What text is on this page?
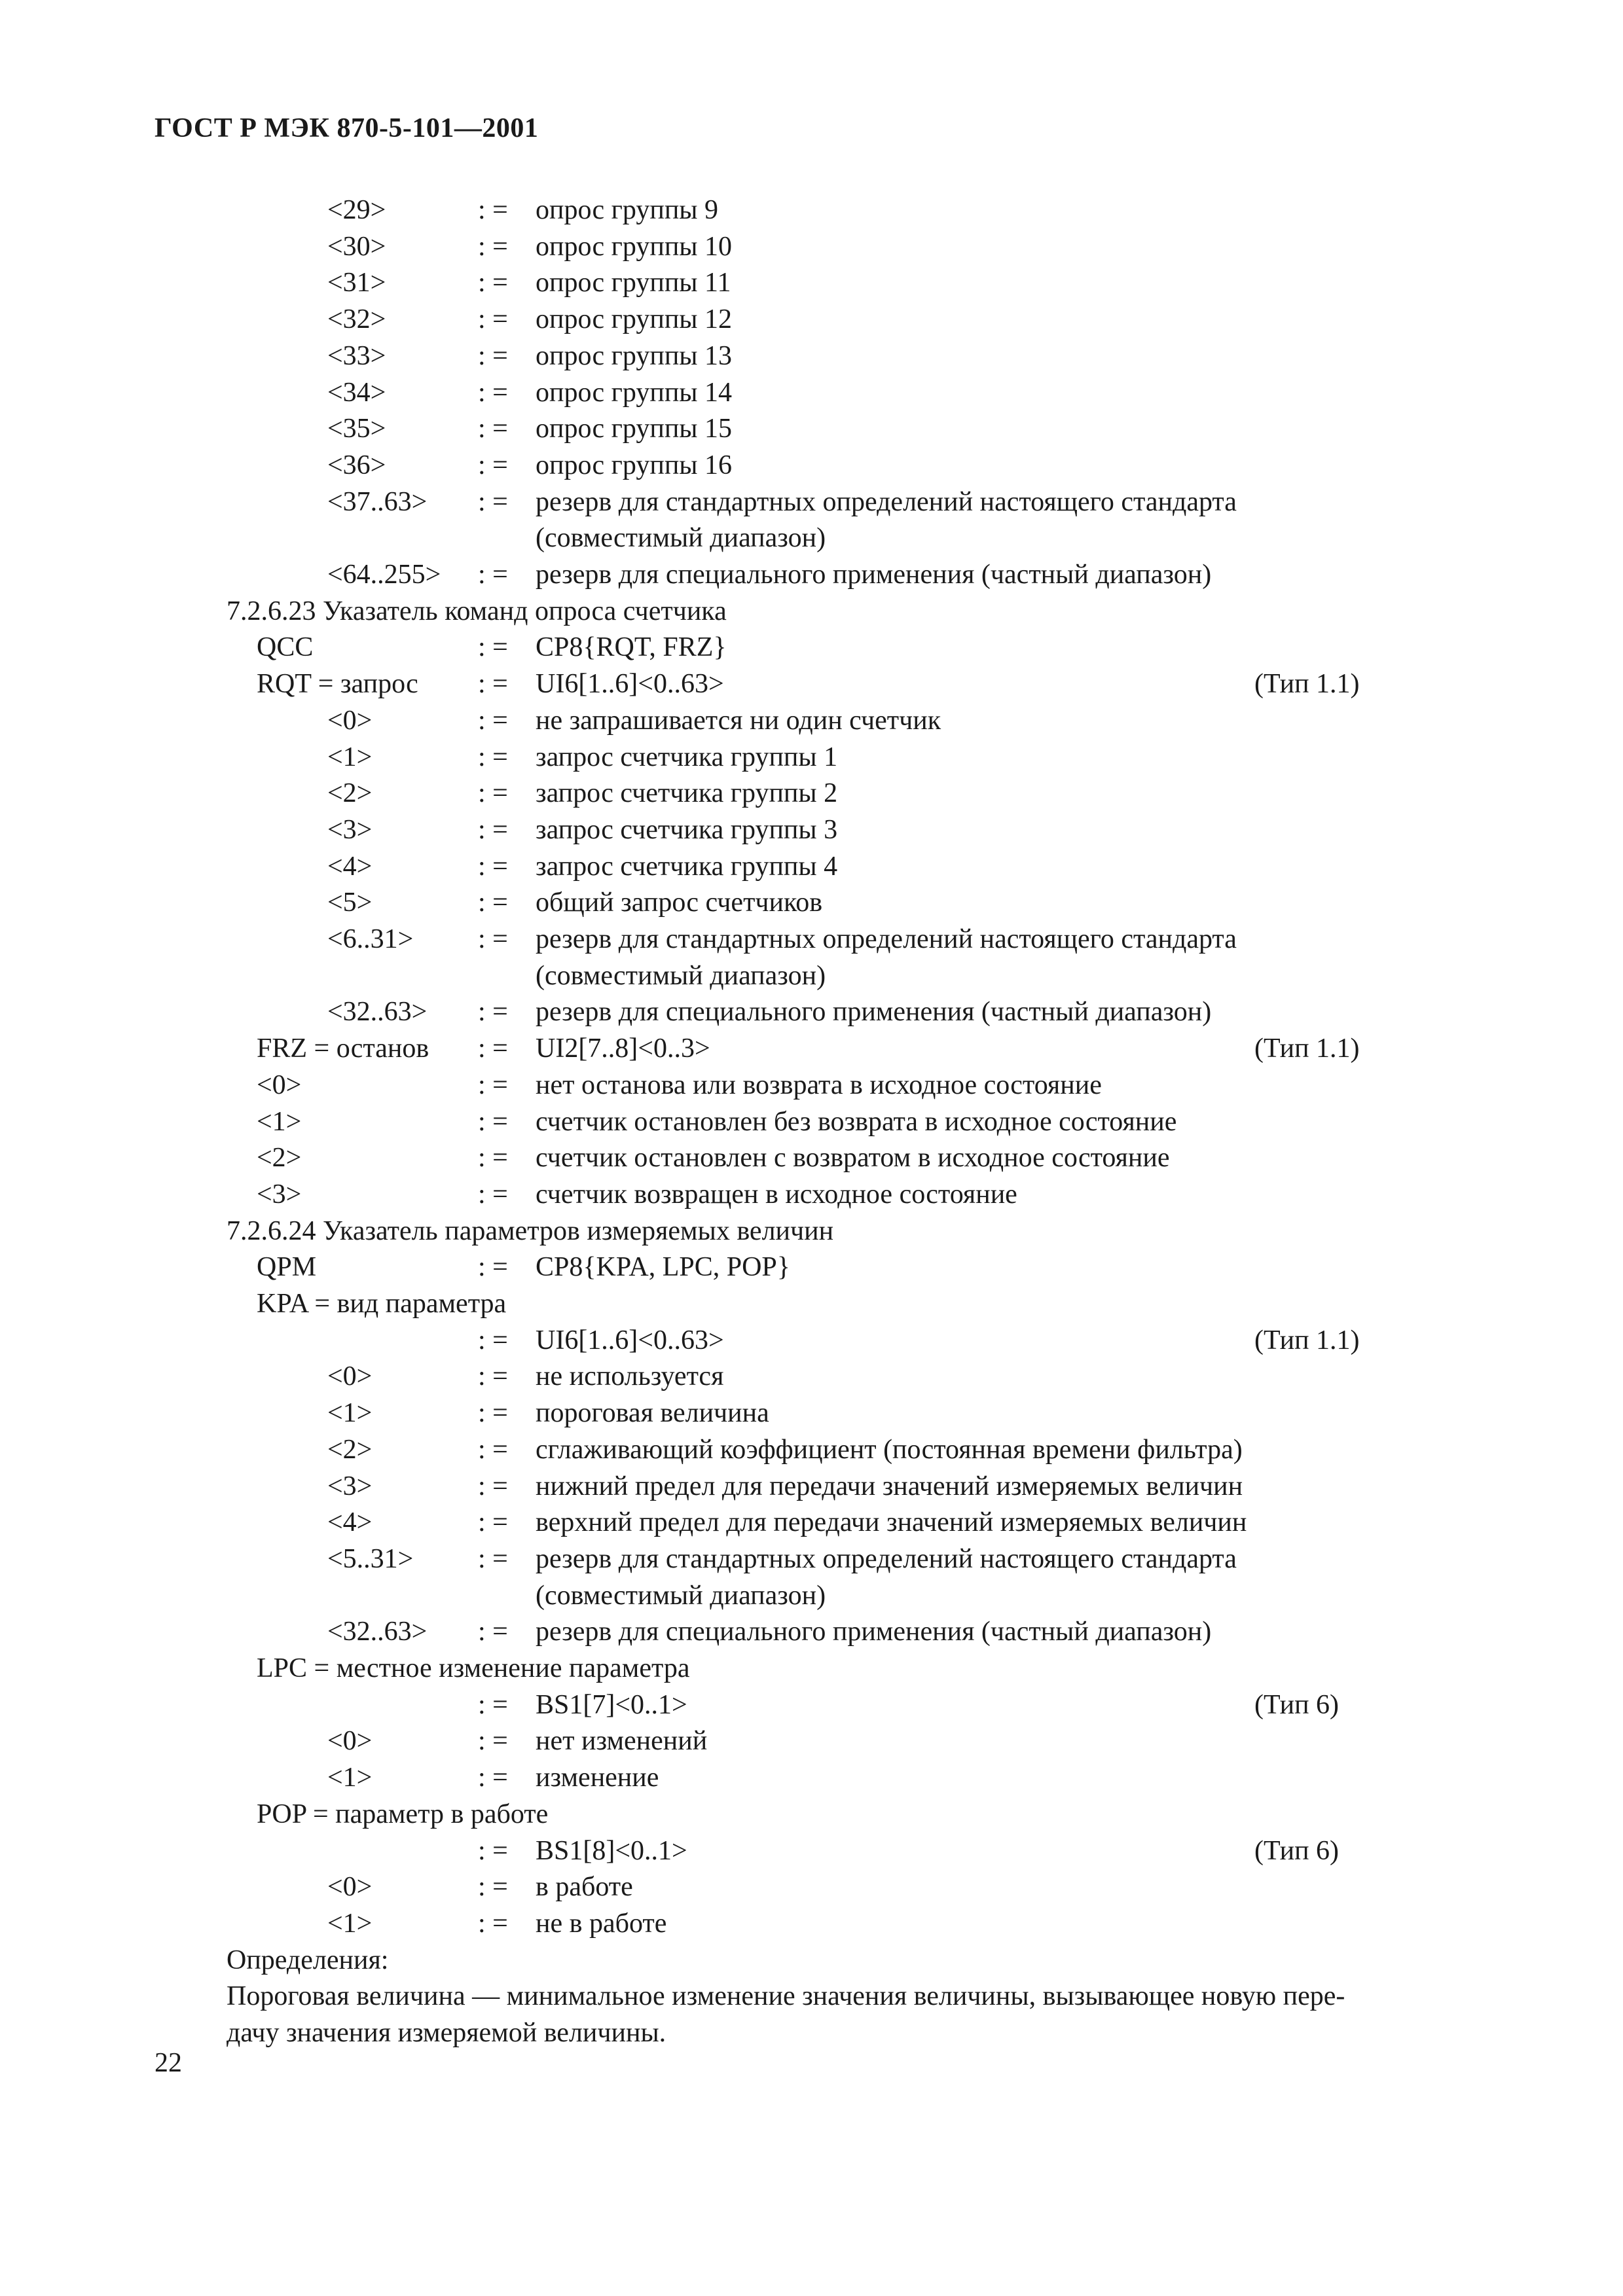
ГОСТ Р МЭК 870-5-101—2001
<29>	: = опрос группы 9
<30>	: = опрос группы 10
<31>	: = опрос группы 11
<32>	: = опрос группы 12
<33>	: = опрос группы 13
<34>	: = опрос группы 14
<35>	: = опрос группы 15
<36>	: = опрос группы 16
<37..63> : = резерв для стандартных определений настоящего стандарта
(совместимый диапазон)
<64..255> : = резерв для специального применения (частный диапазон)
7.2.6.23 Указатель команд опроса счетчика
QCC	: = CP8{RQT, FRZ}
RQT = запрос : = UI6[1..6]<0..63>	(Тип 1.1)
<0>	: = не запрашивается ни один счетчик
<1>	: = запрос счетчика группы 1
<2>	: = запрос счетчика группы 2
<3>	: = запрос счетчика группы 3
<4>	: = запрос счетчика группы 4
<5>	: = общий запрос счетчиков
<6..31> : = резерв для стандартных определений настоящего стандарта
(совместимый диапазон)
<32..63> : = резерв для специального применения (частный диапазон)
FRZ = останов : = UI2[7..8]<0..3>	(Тип 1.1)
<0>	: = нет останова или возврата в исходное состояние
<1>	: = счетчик остановлен без возврата в исходное состояние
<2>	: = счетчик остановлен с возвратом в исходное состояние
<3>	: = счетчик возвращен в исходное состояние
7.2.6.24 Указатель параметров измеряемых величин
QPM	: = CP8{KPA, LPC, POP}
KPA = вид параметра
: = UI6[1..6]<0..63>	(Тип 1.1)
<0>	: = не используется
<1>	: = пороговая величина
<2>	: = сглаживающий коэффициент (постоянная времени фильтра)
<3>	: = нижний предел для передачи значений измеряемых величин
<4>	: = верхний предел для передачи значений измеряемых величин
<5..31> : = резерв для стандартных определений настоящего стандарта
(совместимый диапазон)
<32..63> : = резерв для специального применения (частный диапазон)
LPC = местное изменение параметра
: = BS1[7]<0..1>	(Тип 6)
<0>	: = нет изменений
<1>	: = изменение
POP = параметр в работе
: = BS1[8]<0..1>	(Тип 6)
<0>	: = в работе
<1>	: = не в работе
Определения:
Пороговая величина — минимальное изменение значения величины, вызывающее новую пере-
дачу значения измеряемой величины.
22
